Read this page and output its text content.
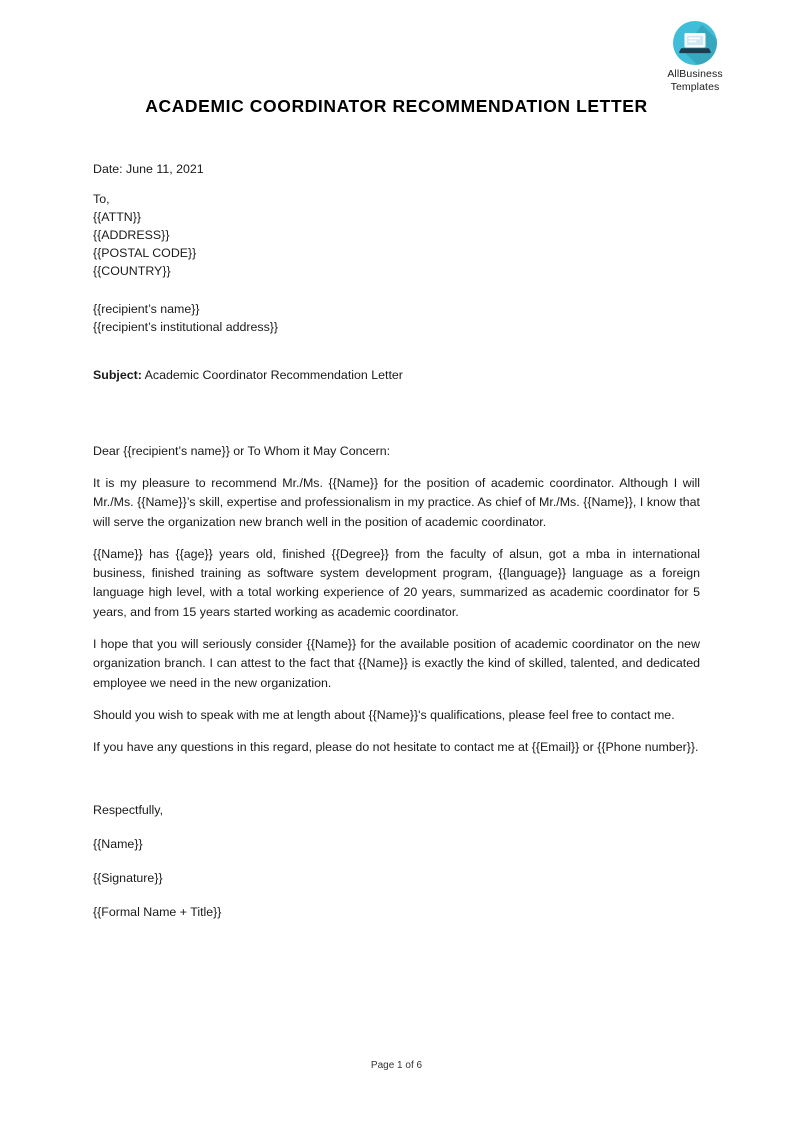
AllBusiness
Templates
ACADEMIC COORDINATOR RECOMMENDATION LETTER
Date: June 11, 2021
To,
{{ATTN}}
{{ADDRESS}}
{{POSTAL CODE}}
{{COUNTRY}}
{{recipient’s name}}
{{recipient’s institutional address}}
Subject: Academic Coordinator Recommendation Letter
Dear {{recipient’s name}} or To Whom it May Concern:

It is my pleasure to recommend Mr./Ms. {{Name}} for the position of academic coordinator. Although I will Mr./Ms. {{Name}}’s skill, expertise and professionalism in my practice. As chief of Mr./Ms. {{Name}}, I know that will serve the organization new branch well in the position of academic coordinator.

{{Name}} has {{age}} years old, finished {{Degree}} from the faculty of alsun, got a mba in international business, finished training as software system development program, {{language}} language as a foreign language high level, with a total working experience of 20 years, summarized as academic coordinator for 5 years, and from 15 years started working as academic coordinator.

I hope that you will seriously consider {{Name}} for the available position of academic coordinator on the new organization branch. I can attest to the fact that {{Name}} is exactly the kind of skilled, talented, and dedicated employee we need in the new organization.

Should you wish to speak with me at length about {{Name}}'s qualifications, please feel free to contact me.

If you have any questions in this regard, please do not hesitate to contact me at {{Email}} or {{Phone number}}.

Respectfully,
{{Name}}
{{Signature}}
{{Formal Name + Title}}
Page 1 of 6
